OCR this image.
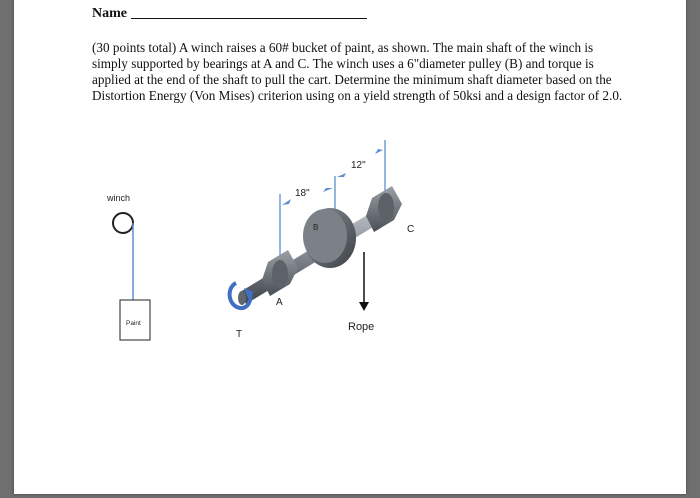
Name
(30 points total) A winch raises a 60# bucket of paint, as shown. The main shaft of the winch is simply supported by bearings at A and C. The winch uses a 6"diameter pulley (B) and torque is applied at the end of the shaft to pull the cart. Determine the minimum shaft diameter based on the Distortion Energy (Von Mises) criterion using on a yield strength of 50ksi and a design factor of 2.0.
winch
Paint
18"
12"
A
B	C
Rope
T
